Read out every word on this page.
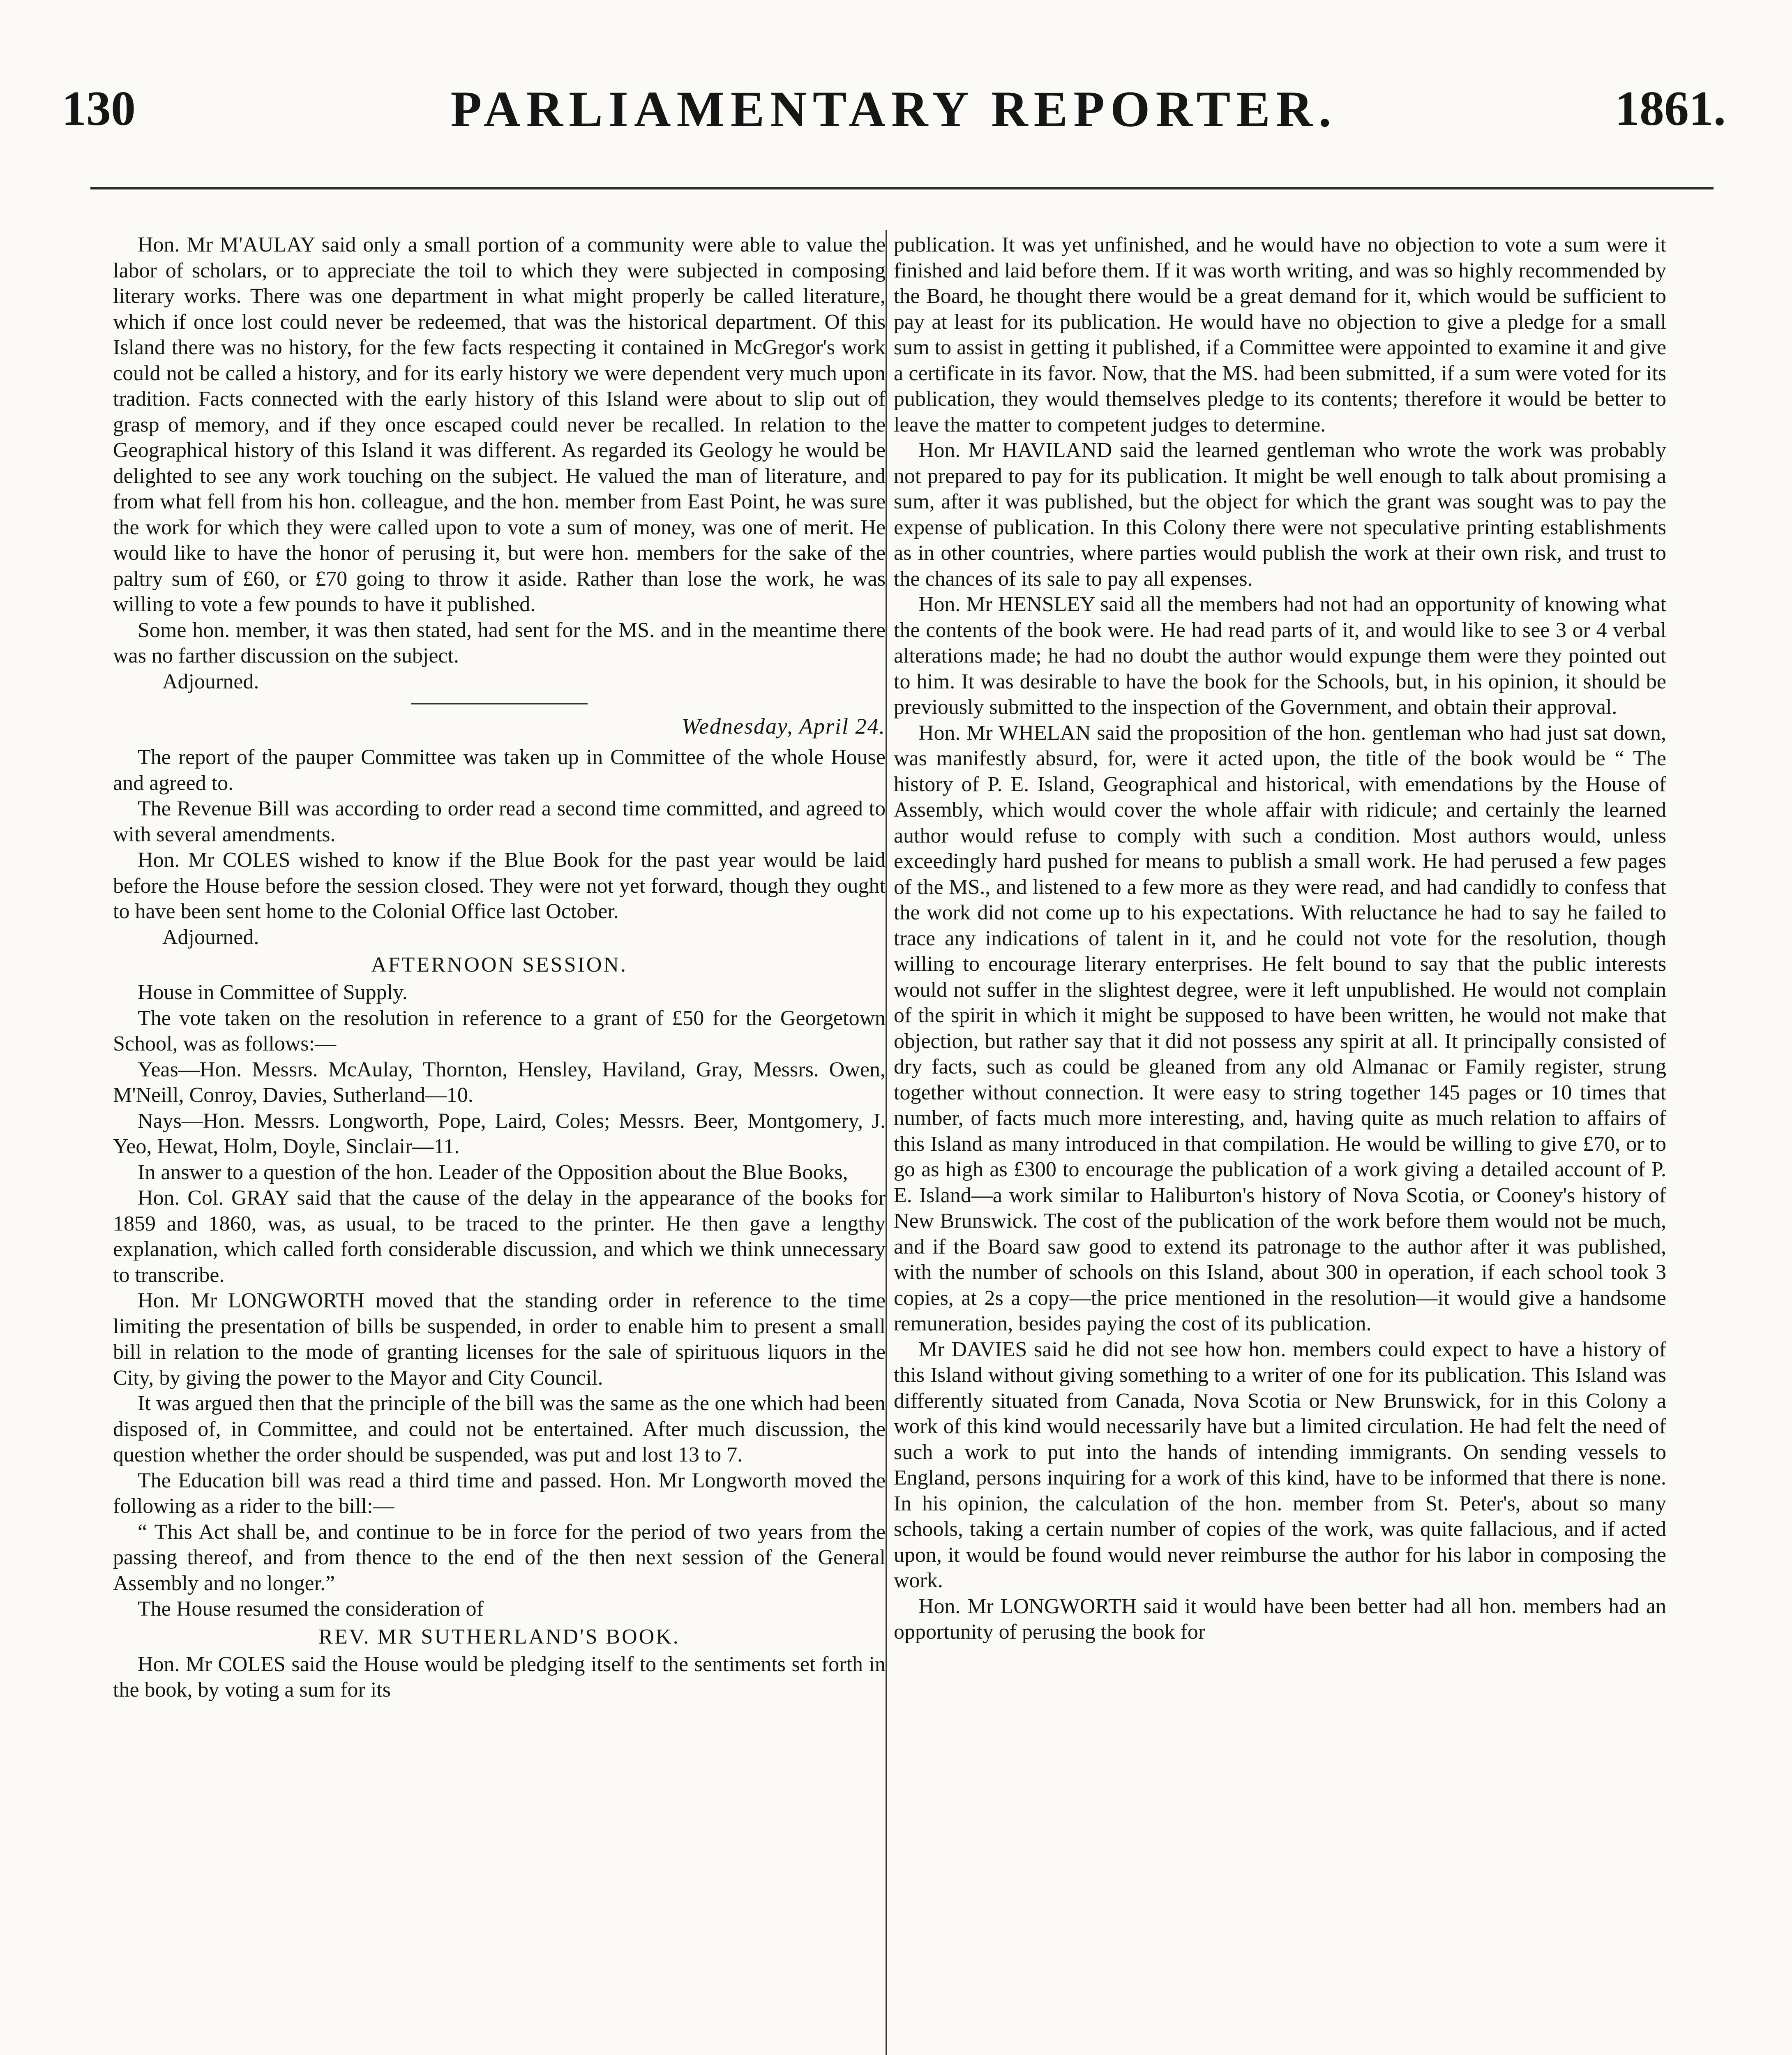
130	PARLIAMENTARY REPORTER.	1861.

Hon. Mr M'AULAY said only a small portion of a community were able to value the labor of scholars, or to appreciate the toil to which they were subjected in composing literary works. There was one department in what might properly be called literature, which if once lost could never be redeemed, that was the historical department. Of this Island there was no history, for the few facts respecting it contained in McGregor's work could not be called a history, and for its early history we were dependent very much upon tradition. Facts connected with the early history of this Island were about to slip out of grasp of memory, and if they once escaped could never be recalled. In relation to the Geographical history of this Island it was different. As regarded its Geology he would be delighted to see any work touching on the subject. He valued the man of literature, and from what fell from his hon. colleague, and the hon. member from East Point, he was sure the work for which they were called upon to vote a sum of money, was one of merit. He would like to have the honor of perusing it, but were hon. members for the sake of the paltry sum of £60, or £70 going to throw it aside. Rather than lose the work, he was willing to vote a few pounds to have it published.

Some hon. member, it was then stated, had sent for the MS. and in the meantime there was no farther discussion on the subject.

Adjourned.

Wednesday, April 24.

The report of the pauper Committee was taken up in Committee of the whole House and agreed to.

The Revenue Bill was according to order read a second time committed, and agreed to with several amendments.

Hon. Mr COLES wished to know if the Blue Book for the past year would be laid before the House before the session closed. They were not yet forward, though they ought to have been sent home to the Colonial Office last October.

Adjourned.

AFTERNOON SESSION.

House in Committee of Supply.

The vote taken on the resolution in reference to a grant of £50 for the Georgetown School, was as follows:—

Yeas—Hon. Messrs. McAulay, Thornton, Hensley, Haviland, Gray, Messrs. Owen, M'Neill, Conroy, Davies, Sutherland—10.

Nays—Hon. Messrs. Longworth, Pope, Laird, Coles; Messrs. Beer, Montgomery, J. Yeo, Hewat, Holm, Doyle, Sinclair—11.

In answer to a question of the hon. Leader of the Opposition about the Blue Books,

Hon. Col. GRAY said that the cause of the delay in the appearance of the books for 1859 and 1860, was, as usual, to be traced to the printer. He then gave a lengthy explanation, which called forth considerable discussion, and which we think unnecessary to transcribe.

Hon. Mr LONGWORTH moved that the standing order in reference to the time limiting the presentation of bills be suspended, in order to enable him to present a small bill in relation to the mode of granting licenses for the sale of spirituous liquors in the City, by giving the power to the Mayor and City Council.

It was argued then that the principle of the bill was the same as the one which had been disposed of, in Committee, and could not be entertained. After much discussion, the question whether the order should be suspended, was put and lost 13 to 7.

The Education bill was read a third time and passed. Hon. Mr Longworth moved the following as a rider to the bill:—

“ This Act shall be, and continue to be in force for the period of two years from the passing thereof, and from thence to the end of the then next session of the General Assembly and no longer.”

The House resumed the consideration of

REV. MR SUTHERLAND'S BOOK.

Hon. Mr COLES said the House would be pledging itself to the sentiments set forth in the book, by voting a sum for its

publication. It was yet unfinished, and he would have no objection to vote a sum were it finished and laid before them. If it was worth writing, and was so highly recommended by the Board, he thought there would be a great demand for it, which would be sufficient to pay at least for its publication. He would have no objection to give a pledge for a small sum to assist in getting it published, if a Committee were appointed to examine it and give a certificate in its favor. Now, that the MS. had been submitted, if a sum were voted for its publication, they would themselves pledge to its contents; therefore it would be better to leave the matter to competent judges to determine.

Hon. Mr HAVILAND said the learned gentleman who wrote the work was probably not prepared to pay for its publication. It might be well enough to talk about promising a sum, after it was published, but the object for which the grant was sought was to pay the expense of publication. In this Colony there were not speculative printing establishments as in other countries, where parties would publish the work at their own risk, and trust to the chances of its sale to pay all expenses.

Hon. Mr HENSLEY said all the members had not had an opportunity of knowing what the contents of the book were. He had read parts of it, and would like to see 3 or 4 verbal alterations made; he had no doubt the author would expunge them were they pointed out to him. It was desirable to have the book for the Schools, but, in his opinion, it should be previously submitted to the inspection of the Government, and obtain their approval.

Hon. Mr WHELAN said the proposition of the hon. gentleman who had just sat down, was manifestly absurd, for, were it acted upon, the title of the book would be “ The history of P. E. Island, Geographical and historical, with emendations by the House of Assembly, which would cover the whole affair with ridicule; and certainly the learned author would refuse to comply with such a condition. Most authors would, unless exceedingly hard pushed for means to publish a small work. He had perused a few pages of the MS., and listened to a few more as they were read, and had candidly to confess that the work did not come up to his expectations. With reluctance he had to say he failed to trace any indications of talent in it, and he could not vote for the resolution, though willing to encourage literary enterprises. He felt bound to say that the public interests would not suffer in the slightest degree, were it left unpublished. He would not complain of the spirit in which it might be supposed to have been written, he would not make that objection, but rather say that it did not possess any spirit at all. It principally consisted of dry facts, such as could be gleaned from any old Almanac or Family register, strung together without connection. It were easy to string together 145 pages or 10 times that number, of facts much more interesting, and, having quite as much relation to affairs of this Island as many introduced in that compilation. He would be willing to give £70, or to go as high as £300 to encourage the publication of a work giving a detailed account of P. E. Island—a work similar to Haliburton's history of Nova Scotia, or Cooney's history of New Brunswick. The cost of the publication of the work before them would not be much, and if the Board saw good to extend its patronage to the author after it was published, with the number of schools on this Island, about 300 in operation, if each school took 3 copies, at 2s a copy—the price mentioned in the resolution—it would give a handsome remuneration, besides paying the cost of its publication.

Mr DAVIES said he did not see how hon. members could expect to have a history of this Island without giving something to a writer of one for its publication. This Island was differently situated from Canada, Nova Scotia or New Brunswick, for in this Colony a work of this kind would necessarily have but a limited circulation. He had felt the need of such a work to put into the hands of intending immigrants. On sending vessels to England, persons inquiring for a work of this kind, have to be informed that there is none. In his opinion, the calculation of the hon. member from St. Peter's, about so many schools, taking a certain number of copies of the work, was quite fallacious, and if acted upon, it would be found would never reimburse the author for his labor in composing the work.

Hon. Mr LONGWORTH said it would have been better had all hon. members had an opportunity of perusing the book for
